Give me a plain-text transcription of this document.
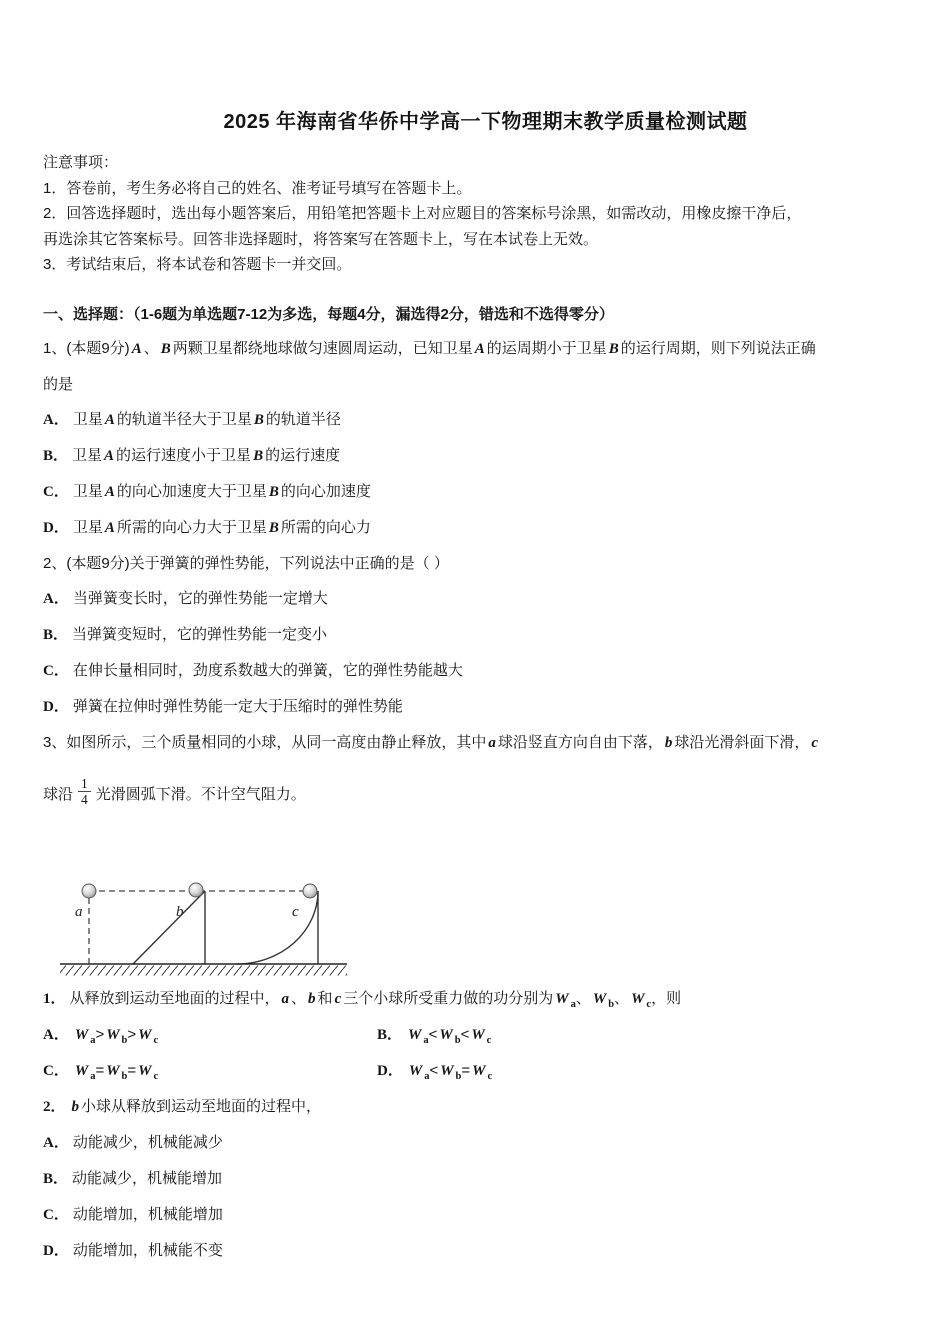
2025 年海南省华侨中学高一下物理期末教学质量检测试题

注意事项：

1．答卷前，考生务必将自己的姓名、准考证号填写在答题卡上。

2．回答选择题时，选出每小题答案后，用铅笔把答题卡上对应题目的答案标号涂黑，如需改动，用橡皮擦干净后，

再选涂其它答案标号。回答非选择题时，将答案写在答题卡上，写在本试卷上无效。

3．考试结束后，将本试卷和答题卡一并交回。

一、选择题：（1-6题为单选题7-12为多选，每题4分，漏选得2分，错选和不选得零分）

1、(本题9分) A 、 B 两颗卫星都绕地球做匀速圆周运动，已知卫星 A 的运周期小于卫星 B 的运行周期，则下列说法正确

的是

A． 卫星 A 的轨道半径大于卫星 B 的轨道半径

B． 卫星 A 的运行速度小于卫星 B 的运行速度

C． 卫星 A 的向心加速度大于卫星 B 的向心加速度

D． 卫星 A 所需的向心力大于卫星 B 所需的向心力

2、(本题9分)关于弹簧的弹性势能，下列说法中正确的是（ ）

A． 当弹簧变长时，它的弹性势能一定增大

B． 当弹簧变短时，它的弹性势能一定变小

C． 在伸长量相同时，劲度系数越大的弹簧，它的弹性势能越大

D． 弹簧在拉伸时弹性势能一定大于压缩时的弹性势能

3、如图所示，三个质量相同的小球，从同一高度由静止释放，其中 a 球沿竖直方向自由下落， b 球沿光滑斜面下滑， c

球沿 $\frac{1}{4}$ 光滑圆弧下滑。不计空气阻力。

a	b	c

1． 从释放到运动至地面的过程中， a 、 b 和 c 三个小球所受重力做的功分别为 W $_a$、 W $_b$、 W $_c$，则

A． W $_a$> W $_b$> W $_c$	B． W $_a$< W $_b$< W $_c$

C． W $_a$= W $_b$= W $_c$	D． W $_a$< W $_b$= W $_c$

2． b 小球从释放到运动至地面的过程中，

A． 动能减少，机械能减少

B． 动能减少，机械能增加

C． 动能增加，机械能增加

D． 动能增加，机械能不变
